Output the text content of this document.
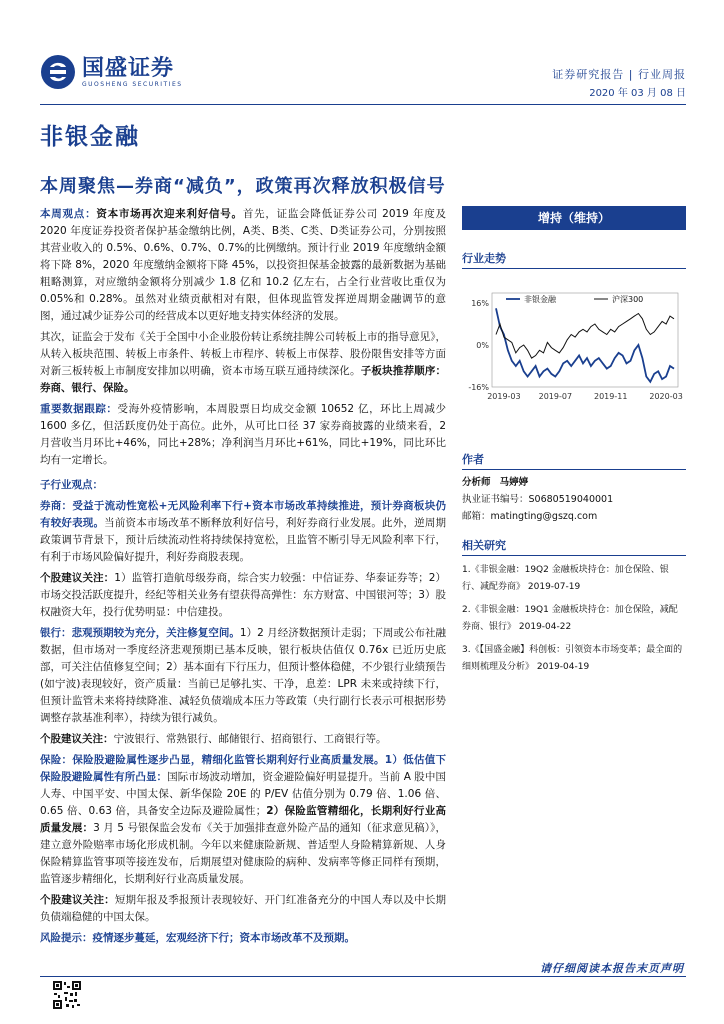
国盛证券
GUOSHENG SECURITIES
证券研究报告 | 行业周报
2020 年 03 月 08 日
非银金融
本周聚焦—券商“减负”，政策再次释放积极信号

本周观点：资本市场再次迎来利好信号。首先，证监会降低证券公司 2019 年度及 2020 年度证券投资者保护基金缴纳比例，A类、B类、C类、D类证券公司，分别按照其营业收入的 0.5%、0.6%、0.7%、0.7%的比例缴纳。预计行业 2019 年度缴纳金额将下降 8%，2020 年度缴纳金额将下降 45%，以投资担保基金披露的最新数据为基础粗略测算，对应缴纳金额将分别减少 1.8 亿和 10.2 亿左右，占全行业营收比重仅为 0.05%和 0.28%。虽然对业绩贡献相对有限，但体现监管发挥逆周期金融调节的意图，通过减少证券公司的经营成本以更好地支持实体经济的发展。

其次，证监会于发布《关于全国中小企业股份转让系统挂牌公司转板上市的指导意见》，从转入板块范围、转板上市条件、转板上市程序、转板上市保荐、股份限售安排等方面对新三板转板上市制度安排加以明确，资本市场互联互通持续深化。子板块推荐顺序：券商、银行、保险。

重要数据跟踪：受海外疫情影响，本周股票日均成交金额 10652 亿，环比上周减少 1600 多亿，但活跃度仍处于高位。此外，从可比口径 37 家券商披露的业绩来看，2 月营收当月环比+46%，同比+28%；净利润当月环比+61%，同比+19%，同比环比均有一定增长。

子行业观点：

券商：受益于流动性宽松+无风险利率下行+资本市场改革持续推进，预计券商板块仍有较好表现。当前资本市场改革不断释放利好信号，利好券商行业发展。此外，逆周期政策调节背景下，预计后续流动性将持续保持宽松，且监管不断引导无风险利率下行，有利于市场风险偏好提升，利好券商股表现。

个股建议关注：1）监管打造航母级券商，综合实力较强：中信证券、华泰证券等；2）市场交投活跃度提升，经纪等相关业务有望获得高弹性：东方财富、中国银河等；3）股权融资大年，投行优势明显：中信建投。

银行：悲观预期较为充分，关注修复空间。1）2 月经济数据预计走弱；下周或公布社融数据，但市场对一季度经济悲观预期已基本反映，银行板块估值仅 0.76x 已近历史底部，可关注估值修复空间；2）基本面有下行压力，但预计整体稳健，不少银行业绩预告(如宁波)表现较好，资产质量：当前已足够扎实、干净，息差：LPR 未来或持续下行，但预计监管未来将持续降准、减轻负债端成本压力等政策（央行副行长表示可根据形势调整存款基准利率），持续为银行减负。

个股建议关注：宁波银行、常熟银行、邮储银行、招商银行、工商银行等。

保险：保险股避险属性逐步凸显，精细化监管长期利好行业高质量发展。1）低估值下保险股避险属性有所凸显：国际市场波动增加，资金避险偏好明显提升。当前 A 股中国人寿、中国平安、中国太保、新华保险 20E 的 P/EV 估值分别为 0.79 倍、1.06 倍、0.65 倍、0.63 倍，具备安全边际及避险属性；2）保险监管精细化，长期利好行业高质量发展：3 月 5 号银保监会发布《关于加强排查意外险产品的通知（征求意见稿）》，建立意外险赔率市场化形成机制。今年以来健康险新规、普适型人身险精算新规、人身保险精算监管事项等接连发布，后期展望对健康险的病种、发病率等修正同样有预期，监管逐步精细化，长期利好行业高质量发展。

个股建议关注：短期年报及季报预计表现较好、开门红准备充分的中国人寿以及中长期负债端稳健的中国太保。

风险提示：疫情逐步蔓延，宏观经济下行；资本市场改革不及预期。

增持（维持）
行业走势
16%
0%
-16%
2019-03 2019-07	2019-11	2020-03
非银金融	沪深300
作者
分析师 马婷婷
执业证书编号：S0680519040001
邮箱：matingting@gszq.com
相关研究
1.《非银金融：19Q2 金融板块持仓：加仓保险、银行、减配券商》 2019-07-19
2.《非银金融：19Q1 金融板块持仓：加仓保险，减配券商、银行》 2019-04-22
3.《【国盛金融】科创板：引领资本市场变革；最全面的细则梳理及分析》 2019-04-19
请仔细阅读本报告末页声明
